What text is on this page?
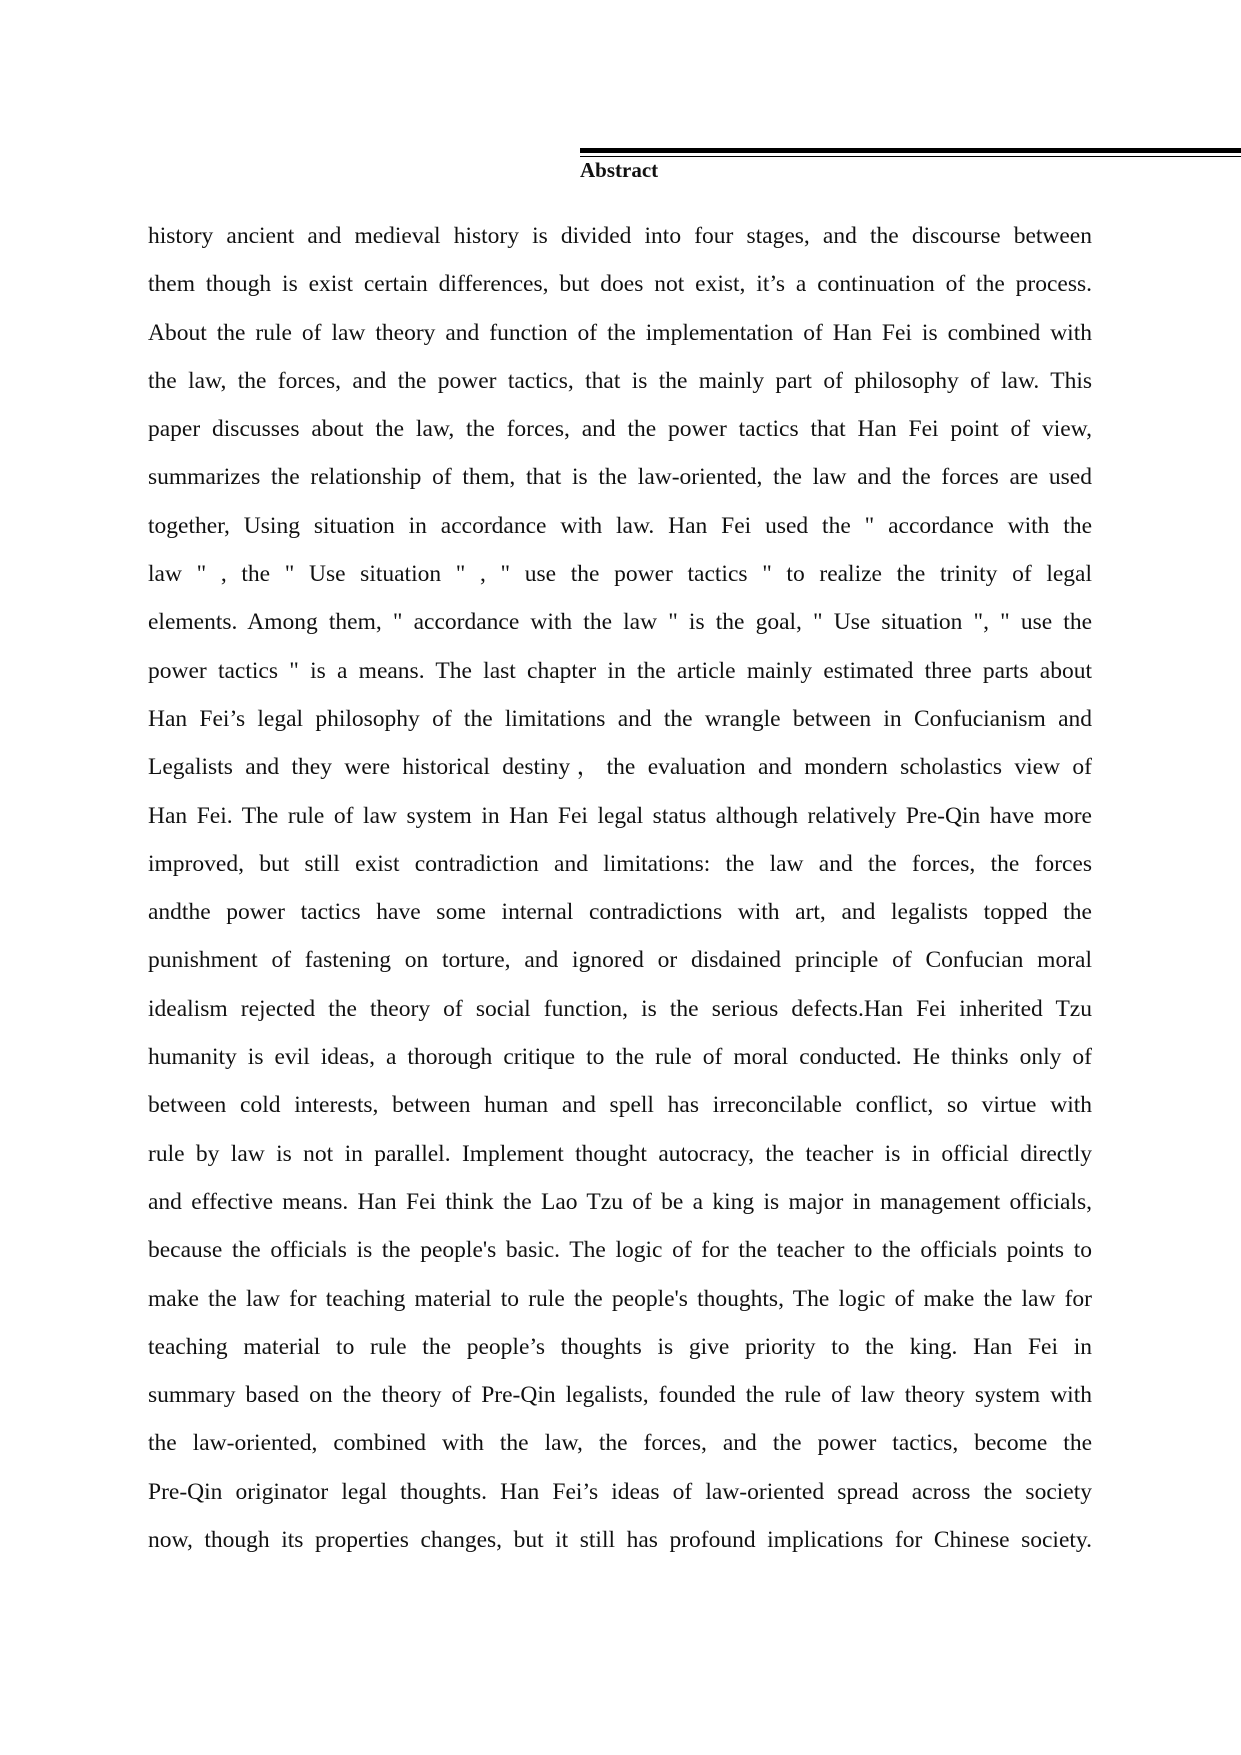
Abstract
history ancient and medieval history is divided into four stages, and the discourse between
them though is exist certain differences, but does not exist, it’s a continuation of the process.
About the rule of law theory and function of the implementation of Han Fei is combined with
the law, the forces, and the power tactics, that is the mainly part of philosophy of law. This
paper discusses about the law, the forces, and the power tactics that Han Fei point of view,
summarizes the relationship of them, that is the law-oriented, the law and the forces are used
together, Using situation in accordance with law. Han Fei used the " accordance with the
law " , the " Use situation " , " use the power tactics " to realize the trinity of legal
elements. Among them, " accordance with the law " is the goal, " Use situation ", " use the
power tactics " is a means. The last chapter in the article mainly estimated three parts about
Han Fei’s legal philosophy of the limitations and the wrangle between in Confucianism and
Legalists and they were historical destiny，the evaluation and mondern scholastics view of
Han Fei. The rule of law system in Han Fei legal status although relatively Pre-Qin have more
improved, but still exist contradiction and limitations: the law and the forces, the forces
andthe power tactics have some internal contradictions with art, and legalists topped the
punishment of fastening on torture, and ignored or disdained principle of Confucian moral
idealism rejected the theory of social function, is the serious defects.Han Fei inherited Tzu
humanity is evil ideas, a thorough critique to the rule of moral conducted. He thinks only of
between cold interests, between human and spell has irreconcilable conflict, so virtue with
rule by law is not in parallel. Implement thought autocracy, the teacher is in official directly
and effective means. Han Fei think the Lao Tzu of be a king is major in management officials,
because the officials is the people's basic. The logic of for the teacher to the officials points to
make the law for teaching material to rule the people's thoughts, The logic of make the law for
teaching material to rule the people’s thoughts is give priority to the king. Han Fei in
summary based on the theory of Pre-Qin legalists, founded the rule of law theory system with
the law-oriented, combined with the law, the forces, and the power tactics, become the
Pre-Qin originator legal thoughts. Han Fei’s ideas of law-oriented spread across the society
now, though its properties changes, but it still has profound implications for Chinese society.
